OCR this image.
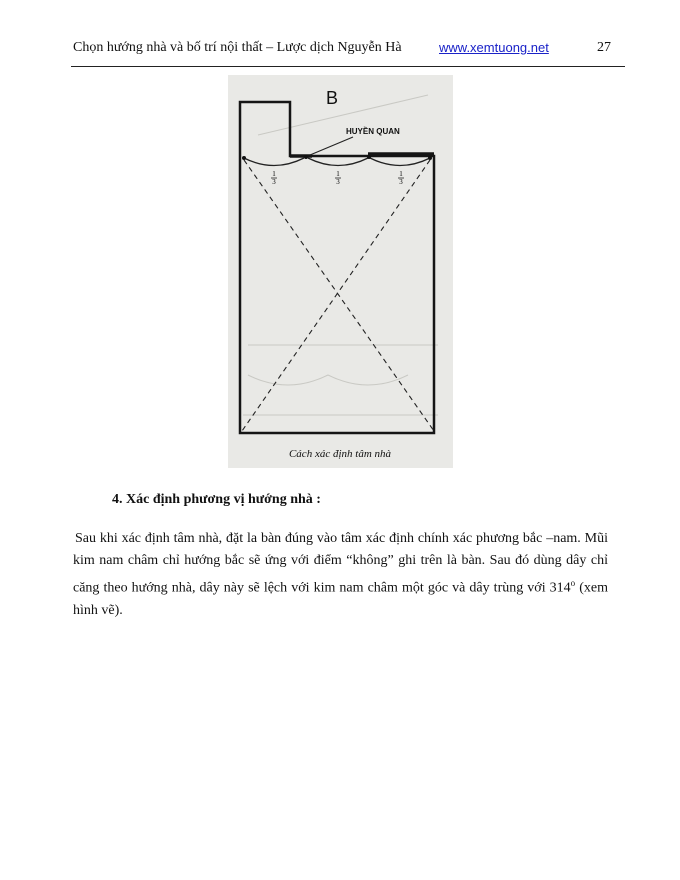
Chọn hướng nhà và bố trí nội thất – Lược dịch Nguyễn Hà	www.xemtuong.net	27
1
3
1
3
1
3
B
HUYỀN QUAN
Cách xác định tâm nhà
4. Xác định phương vị hướng nhà :

Sau khi xác định tâm nhà, đặt la bàn đúng vào tâm xác định chính xác phương bắc –nam. Mũi kim nam châm chỉ hướng bắc sẽ ứng với điểm “không” ghi trên là bàn. Sau đó dùng dây chỉ căng theo hướng nhà, dây này sẽ lệch với kim nam châm một góc và dây trùng với 314$^o$ (xem hình vẽ).
